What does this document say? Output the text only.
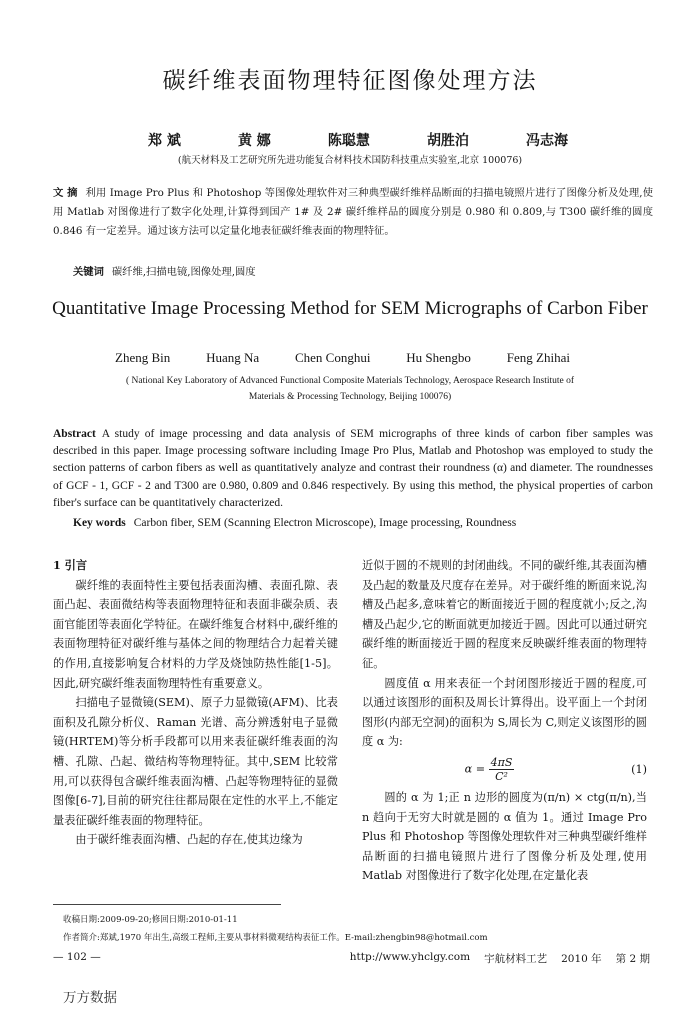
碳纤维表面物理特征图像处理方法
郑 斌	黄 娜	陈聪慧	胡胜泊	冯志海
(航天材料及工艺研究所先进功能复合材料技术国防科技重点实验室,北京 100076)
文 摘 利用 Image Pro Plus 和 Photoshop 等图像处理软件对三种典型碳纤维样品断面的扫描电镜照片进行了图像分析及处理,使用 Matlab 对图像进行了数字化处理,计算得到国产 1# 及 2# 碳纤维样品的圆度分别是 0.980 和 0.809,与 T300 碳纤维的圆度 0.846 有一定差异。通过该方法可以定量化地表征碳纤维表面的物理特征。
关键词 碳纤维,扫描电镜,图像处理,圆度
Quantitative Image Processing Method for SEM Micrographs of Carbon Fiber
Zheng Bin	Huang Na	Chen Conghui	Hu Shengbo	Feng Zhihai
( National Key Laboratory of Advanced Functional Composite Materials Technology, Aerospace Research Institute of
Materials & Processing Technology, Beijing 100076)
Abstract A study of image processing and data analysis of SEM micrographs of three kinds of carbon fiber samples was described in this paper. Image processing software including Image Pro Plus, Matlab and Photoshop was employed to study the section patterns of carbon fibers as well as quantitatively analyze and contrast their roundness (α) and diameter. The roundnesses of GCF - 1, GCF - 2 and T300 are 0.980, 0.809 and 0.846 respectively. By using this method, the physical properties of carbon fiber's surface can be quantitatively characterized.
Key words Carbon fiber, SEM (Scanning Electron Microscope), Image processing, Roundness

1 引言

碳纤维的表面特性主要包括表面沟槽、表面孔隙、表面凸起、表面微结构等表面物理特征和表面非碳杂质、表面官能团等表面化学特征。在碳纤维复合材料中,碳纤维的表面物理特征对碳纤维与基体之间的物理结合力起着关键的作用,直接影响复合材料的力学及烧蚀防热性能[1-5]。因此,研究碳纤维表面物理特性有重要意义。

扫描电子显微镜(SEM)、原子力显微镜(AFM)、比表面积及孔隙分析仪、Raman 光谱、高分辨透射电子显微镜(HRTEM)等分析手段都可以用来表征碳纤维表面的沟槽、孔隙、凸起、微结构等物理特征。其中,SEM 比较常用,可以获得包含碳纤维表面沟槽、凸起等物理特征的显微图像[6-7],目前的研究往往都局限在定性的水平上,不能定量表征碳纤维表面的物理特征。

由于碳纤维表面沟槽、凸起的存在,使其边缘为

近似于圆的不规则的封闭曲线。不同的碳纤维,其表面沟槽及凸起的数量及尺度存在差异。对于碳纤维的断面来说,沟槽及凸起多,意味着它的断面接近于圆的程度就小;反之,沟槽及凸起少,它的断面就更加接近于圆。因此可以通过研究碳纤维的断面接近于圆的程度来反映碳纤维表面的物理特征。

圆度值 α 用来表征一个封闭图形接近于圆的程度,可以通过该图形的面积及周长计算得出。设平面上一个封闭图形(内部无空洞)的面积为 S,周长为 C,则定义该图形的圆度 α 为:

$\alpha = \frac{4\pi S}{\text{C²}}$	(1)

圆的 α 为 1;正 n 边形的圆度为(π/n) × ctg(π/n),当 n 趋向于无穷大时就是圆的 α 值为 1。通过 Image Pro Plus 和 Photoshop 等图像处理软件对三种典型碳纤维样品断面的扫描电镜照片进行了图像分析及处理,使用 Matlab 对图像进行了数字化处理,在定量化表

收稿日期:2009-09-20;修回日期:2010-01-11
作者简介:郑斌,1970 年出生,高级工程师,主要从事材料微观结构表征工作。E-mail:zhengbin98@hotmail.com
— 102 —	http://www.yhclgy.com 宇航材料工艺 2010 年 第 2 期
万方数据
